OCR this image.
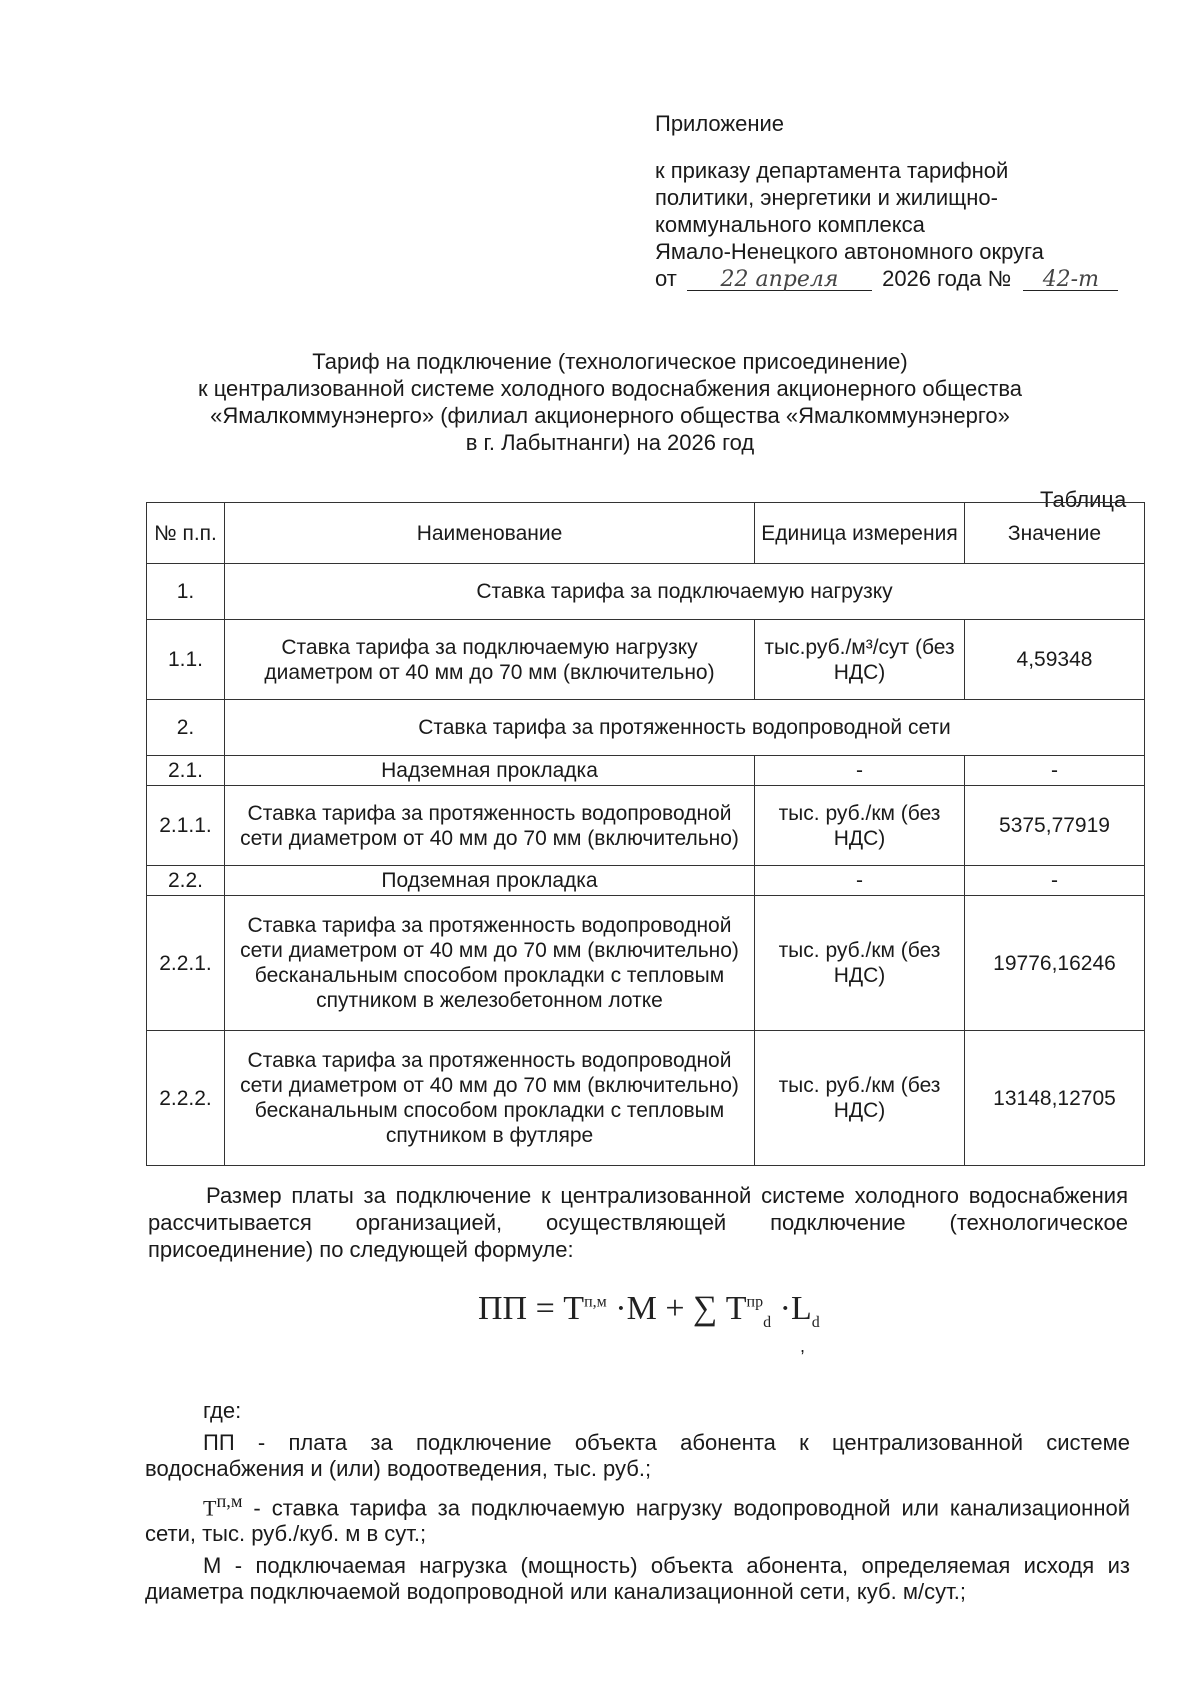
Приложение
к приказу департамента тарифной
политики, энергетики и жилищно-
коммунального комплекса
Ямало-Ненецкого автономного округа
от 22 апреля 2026 года № 42-т
Тариф на подключение (технологическое присоединение)
к централизованной системе холодного водоснабжения акционерного общества
«Ямалкоммунэнерго» (филиал акционерного общества «Ямалкоммунэнерго»
в г. Лабытнанги) на 2026 год
Таблица
№ п.п.	Наименование	Единица измерения	Значение
1.	Ставка тарифа за подключаемую нагрузку		
1.1.	Ставка тарифа за подключаемую нагрузку диаметром от 40 мм до 70 мм (включительно)	тыс.руб./м³/сут (без НДС)	4,59348
2.	Ставка тарифа за протяженность водопроводной сети		
2.1.	Надземная прокладка	-	-
2.1.1.	Ставка тарифа за протяженность водопроводной сети диаметром от 40 мм до 70 мм (включительно)	тыс. руб./км (без НДС)	5375,77919
2.2.	Подземная прокладка	-	-
2.2.1.	Ставка тарифа за протяженность водопроводной сети диаметром от 40 мм до 70 мм (включительно) бесканальным способом прокладки с тепловым спутником в железобетонном лотке	тыс. руб./км (без НДС)	19776,16246
2.2.2.	Ставка тарифа за протяженность водопроводной сети диаметром от 40 мм до 70 мм (включительно) бесканальным способом прокладки с тепловым спутником в футляре	тыс. руб./км (без НДС)	13148,12705
Размер платы за подключение к централизованной системе холодного водоснабжения рассчитывается организацией, осуществляющей подключение (технологическое присоединение) по следующей формуле:
ПП = $Т^{п,м} \cdot М$ + ∑ $Т^{пр}_d \cdot L_d$
,
где:

ПП - плата за подключение объекта абонента к централизованной системе водоснабжения и (или) водоотведения, тыс. руб.;

$Т^{п,м}$ - ставка тарифа за подключаемую нагрузку водопроводной или канализационной сети, тыс. руб./куб. м в сут.;

М - подключаемая нагрузка (мощность) объекта абонента, определяемая исходя из диаметра подключаемой водопроводной или канализационной сети, куб. м/сут.;
